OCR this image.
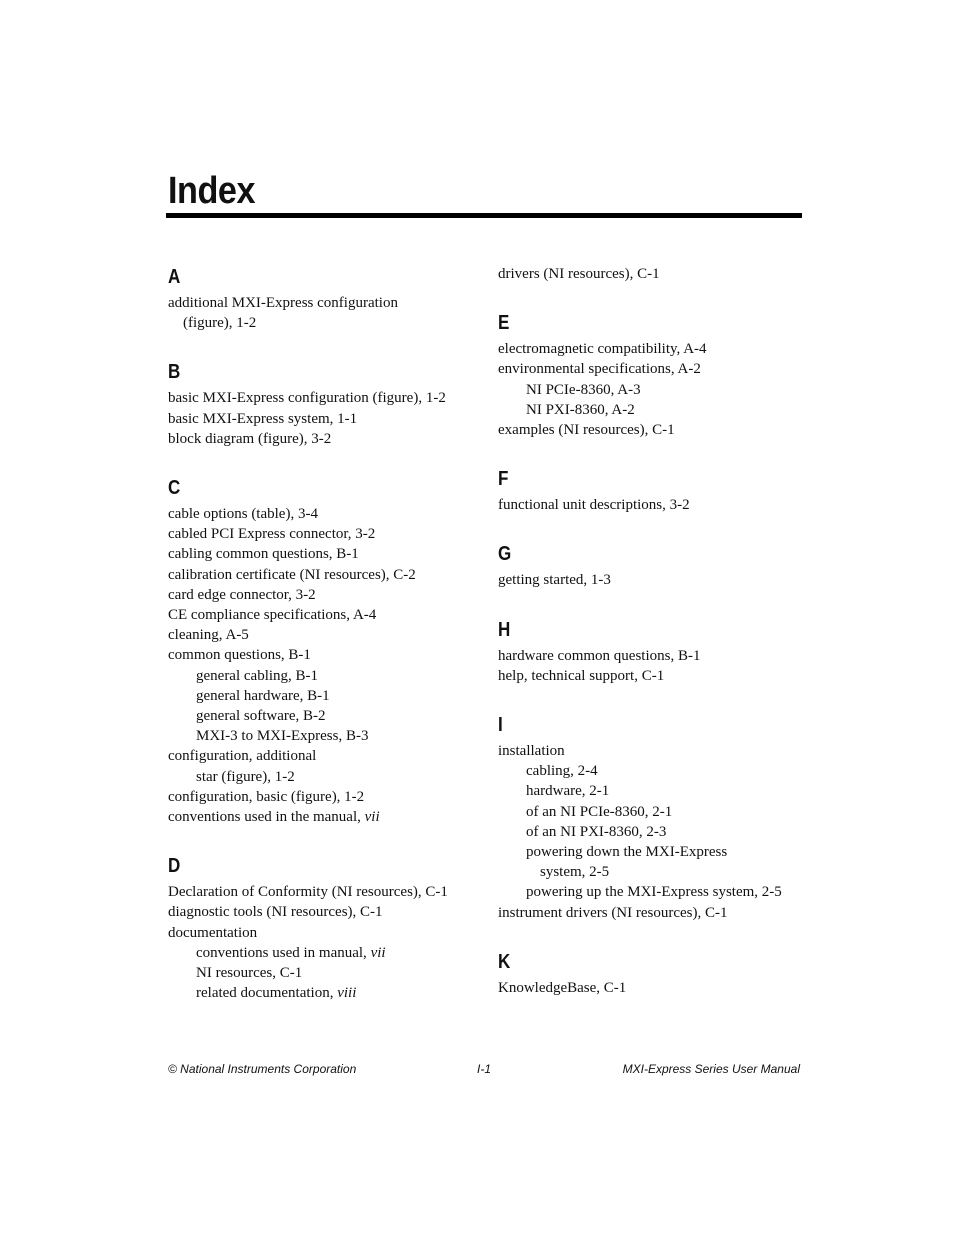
Index
A
additional MXI-Express configuration
(figure), 1-2
B
basic MXI-Express configuration (figure), 1-2
basic MXI-Express system, 1-1
block diagram (figure), 3-2
C
cable options (table), 3-4
cabled PCI Express connector, 3-2
cabling common questions, B-1
calibration certificate (NI resources), C-2
card edge connector, 3-2
CE compliance specifications, A-4
cleaning, A-5
common questions, B-1
general cabling, B-1
general hardware, B-1
general software, B-2
MXI-3 to MXI-Express, B-3
configuration, additional
star (figure), 1-2
configuration, basic (figure), 1-2
conventions used in the manual, vii
D
Declaration of Conformity (NI resources), C-1
diagnostic tools (NI resources), C-1
documentation
conventions used in manual, vii
NI resources, C-1
related documentation, viii
drivers (NI resources), C-1
E
electromagnetic compatibility, A-4
environmental specifications, A-2
NI PCIe-8360, A-3
NI PXI-8360, A-2
examples (NI resources), C-1
F
functional unit descriptions, 3-2
G
getting started, 1-3
H
hardware common questions, B-1
help, technical support, C-1
I
installation
cabling, 2-4
hardware, 2-1
of an NI PCIe-8360, 2-1
of an NI PXI-8360, 2-3
powering down the MXI-Express
system, 2-5
powering up the MXI-Express system, 2-5
instrument drivers (NI resources), C-1
K
KnowledgeBase, C-1
© National Instruments Corporation	I-1	MXI-Express Series User Manual
